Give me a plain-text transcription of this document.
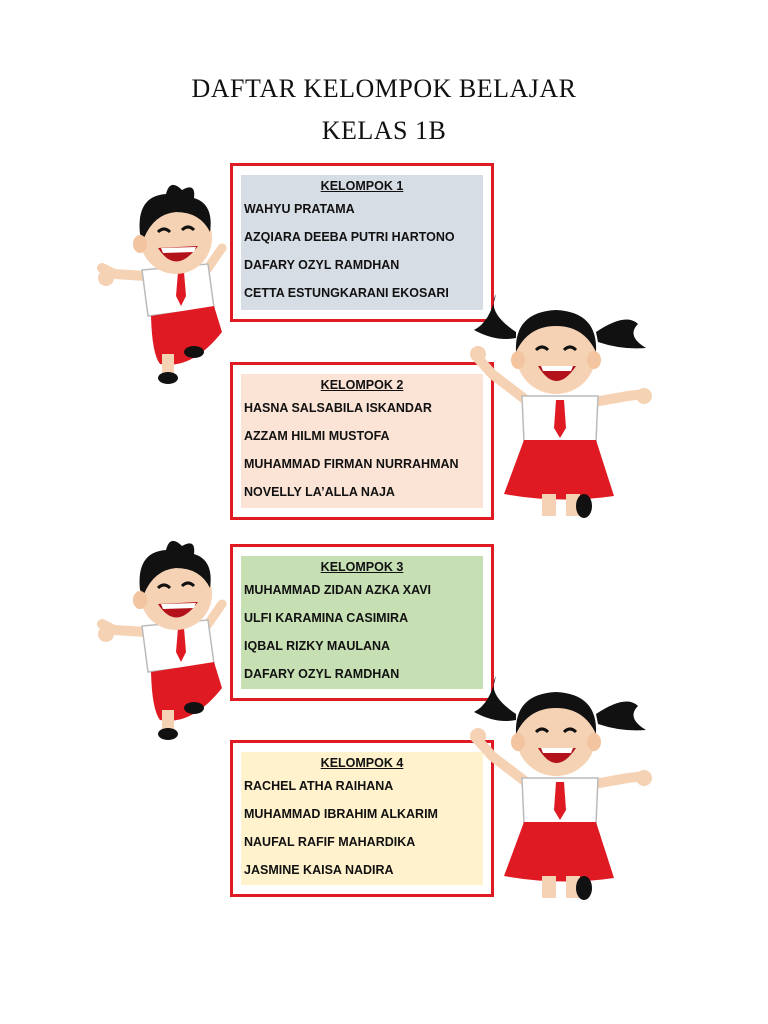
DAFTAR KELOMPOK BELAJAR
KELAS 1B
KELOMPOK 1
WAHYU PRATAMA
AZQIARA DEEBA PUTRI HARTONO
DAFARY OZYL RAMDHAN
CETTA ESTUNGKARANI EKOSARI
KELOMPOK 2
HASNA SALSABILA ISKANDAR
AZZAM HILMI MUSTOFA
MUHAMMAD FIRMAN NURRAHMAN
NOVELLY LA’ALLA NAJA
KELOMPOK 3
MUHAMMAD ZIDAN AZKA XAVI
ULFI KARAMINA CASIMIRA
IQBAL RIZKY MAULANA
DAFARY OZYL RAMDHAN
KELOMPOK 4
RACHEL ATHA RAIHANA
MUHAMMAD IBRAHIM ALKARIM
NAUFAL RAFIF MAHARDIKA
JASMINE KAISA NADIRA
